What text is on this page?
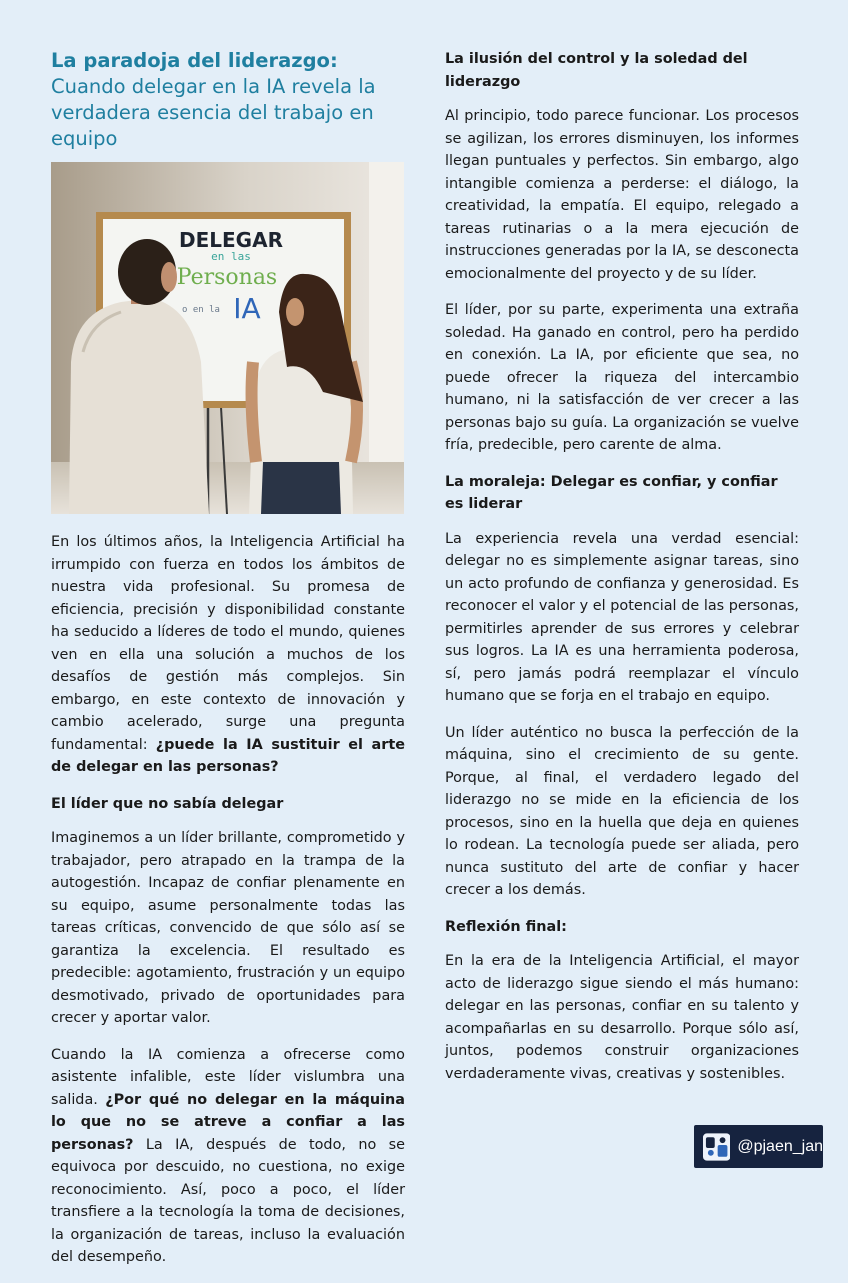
La paradoja del liderazgo: Cuando delegar en la IA revela la verdadera esencia del trabajo en equipo
DELEGAR
en las
Personas
o en la IA

En los últimos años, la Inteligencia Artificial ha irrumpido con fuerza en todos los ámbitos de nuestra vida profesional. Su promesa de eficiencia, precisión y disponibilidad constante ha seducido a líderes de todo el mundo, quienes ven en ella una solución a muchos de los desafíos de gestión más complejos. Sin embargo, en este contexto de innovación y cambio acelerado, surge una pregunta fundamental: ¿puede la IA sustituir el arte de delegar en las personas?

El líder que no sabía delegar

Imaginemos a un líder brillante, comprometido y trabajador, pero atrapado en la trampa de la autogestión. Incapaz de confiar plenamente en su equipo, asume personalmente todas las tareas críticas, convencido de que sólo así se garantiza la excelencia. El resultado es predecible: agotamiento, frustración y un equipo desmotivado, privado de oportunidades para crecer y aportar valor.

Cuando la IA comienza a ofrecerse como asistente infalible, este líder vislumbra una salida. ¿Por qué no delegar en la máquina lo que no se atreve a confiar a las personas? La IA, después de todo, no se equivoca por descuido, no cuestiona, no exige reconocimiento. Así, poco a poco, el líder transfiere a la tecnología la toma de decisiones, la organización de tareas, incluso la evaluación del desempeño.

La ilusión del control y la soledad del liderazgo

Al principio, todo parece funcionar. Los procesos se agilizan, los errores disminuyen, los informes llegan puntuales y perfectos. Sin embargo, algo intangible comienza a perderse: el diálogo, la creatividad, la empatía. El equipo, relegado a tareas rutinarias o a la mera ejecución de instrucciones generadas por la IA, se desconecta emocionalmente del proyecto y de su líder.

El líder, por su parte, experimenta una extraña soledad. Ha ganado en control, pero ha perdido en conexión. La IA, por eficiente que sea, no puede ofrecer la riqueza del intercambio humano, ni la satisfacción de ver crecer a las personas bajo su guía. La organización se vuelve fría, predecible, pero carente de alma.

La moraleja: Delegar es confiar, y confiar es liderar

La experiencia revela una verdad esencial: delegar no es simplemente asignar tareas, sino un acto profundo de confianza y generosidad. Es reconocer el valor y el potencial de las personas, permitirles aprender de sus errores y celebrar sus logros. La IA es una herramienta poderosa, sí, pero jamás podrá reemplazar el vínculo humano que se forja en el trabajo en equipo.

Un líder auténtico no busca la perfección de la máquina, sino el crecimiento de su gente. Porque, al final, el verdadero legado del liderazgo no se mide en la eficiencia de los procesos, sino en la huella que deja en quienes lo rodean. La tecnología puede ser aliada, pero nunca sustituto del arte de confiar y hacer crecer a los demás.

Reflexión final:

En la era de la Inteligencia Artificial, el mayor acto de liderazgo sigue siendo el más humano: delegar en las personas, confiar en su talento y acompañarlas en su desarrollo. Porque sólo así, juntos, podemos construir organizaciones verdaderamente vivas, creativas y sostenibles.

@pjaen_jan
